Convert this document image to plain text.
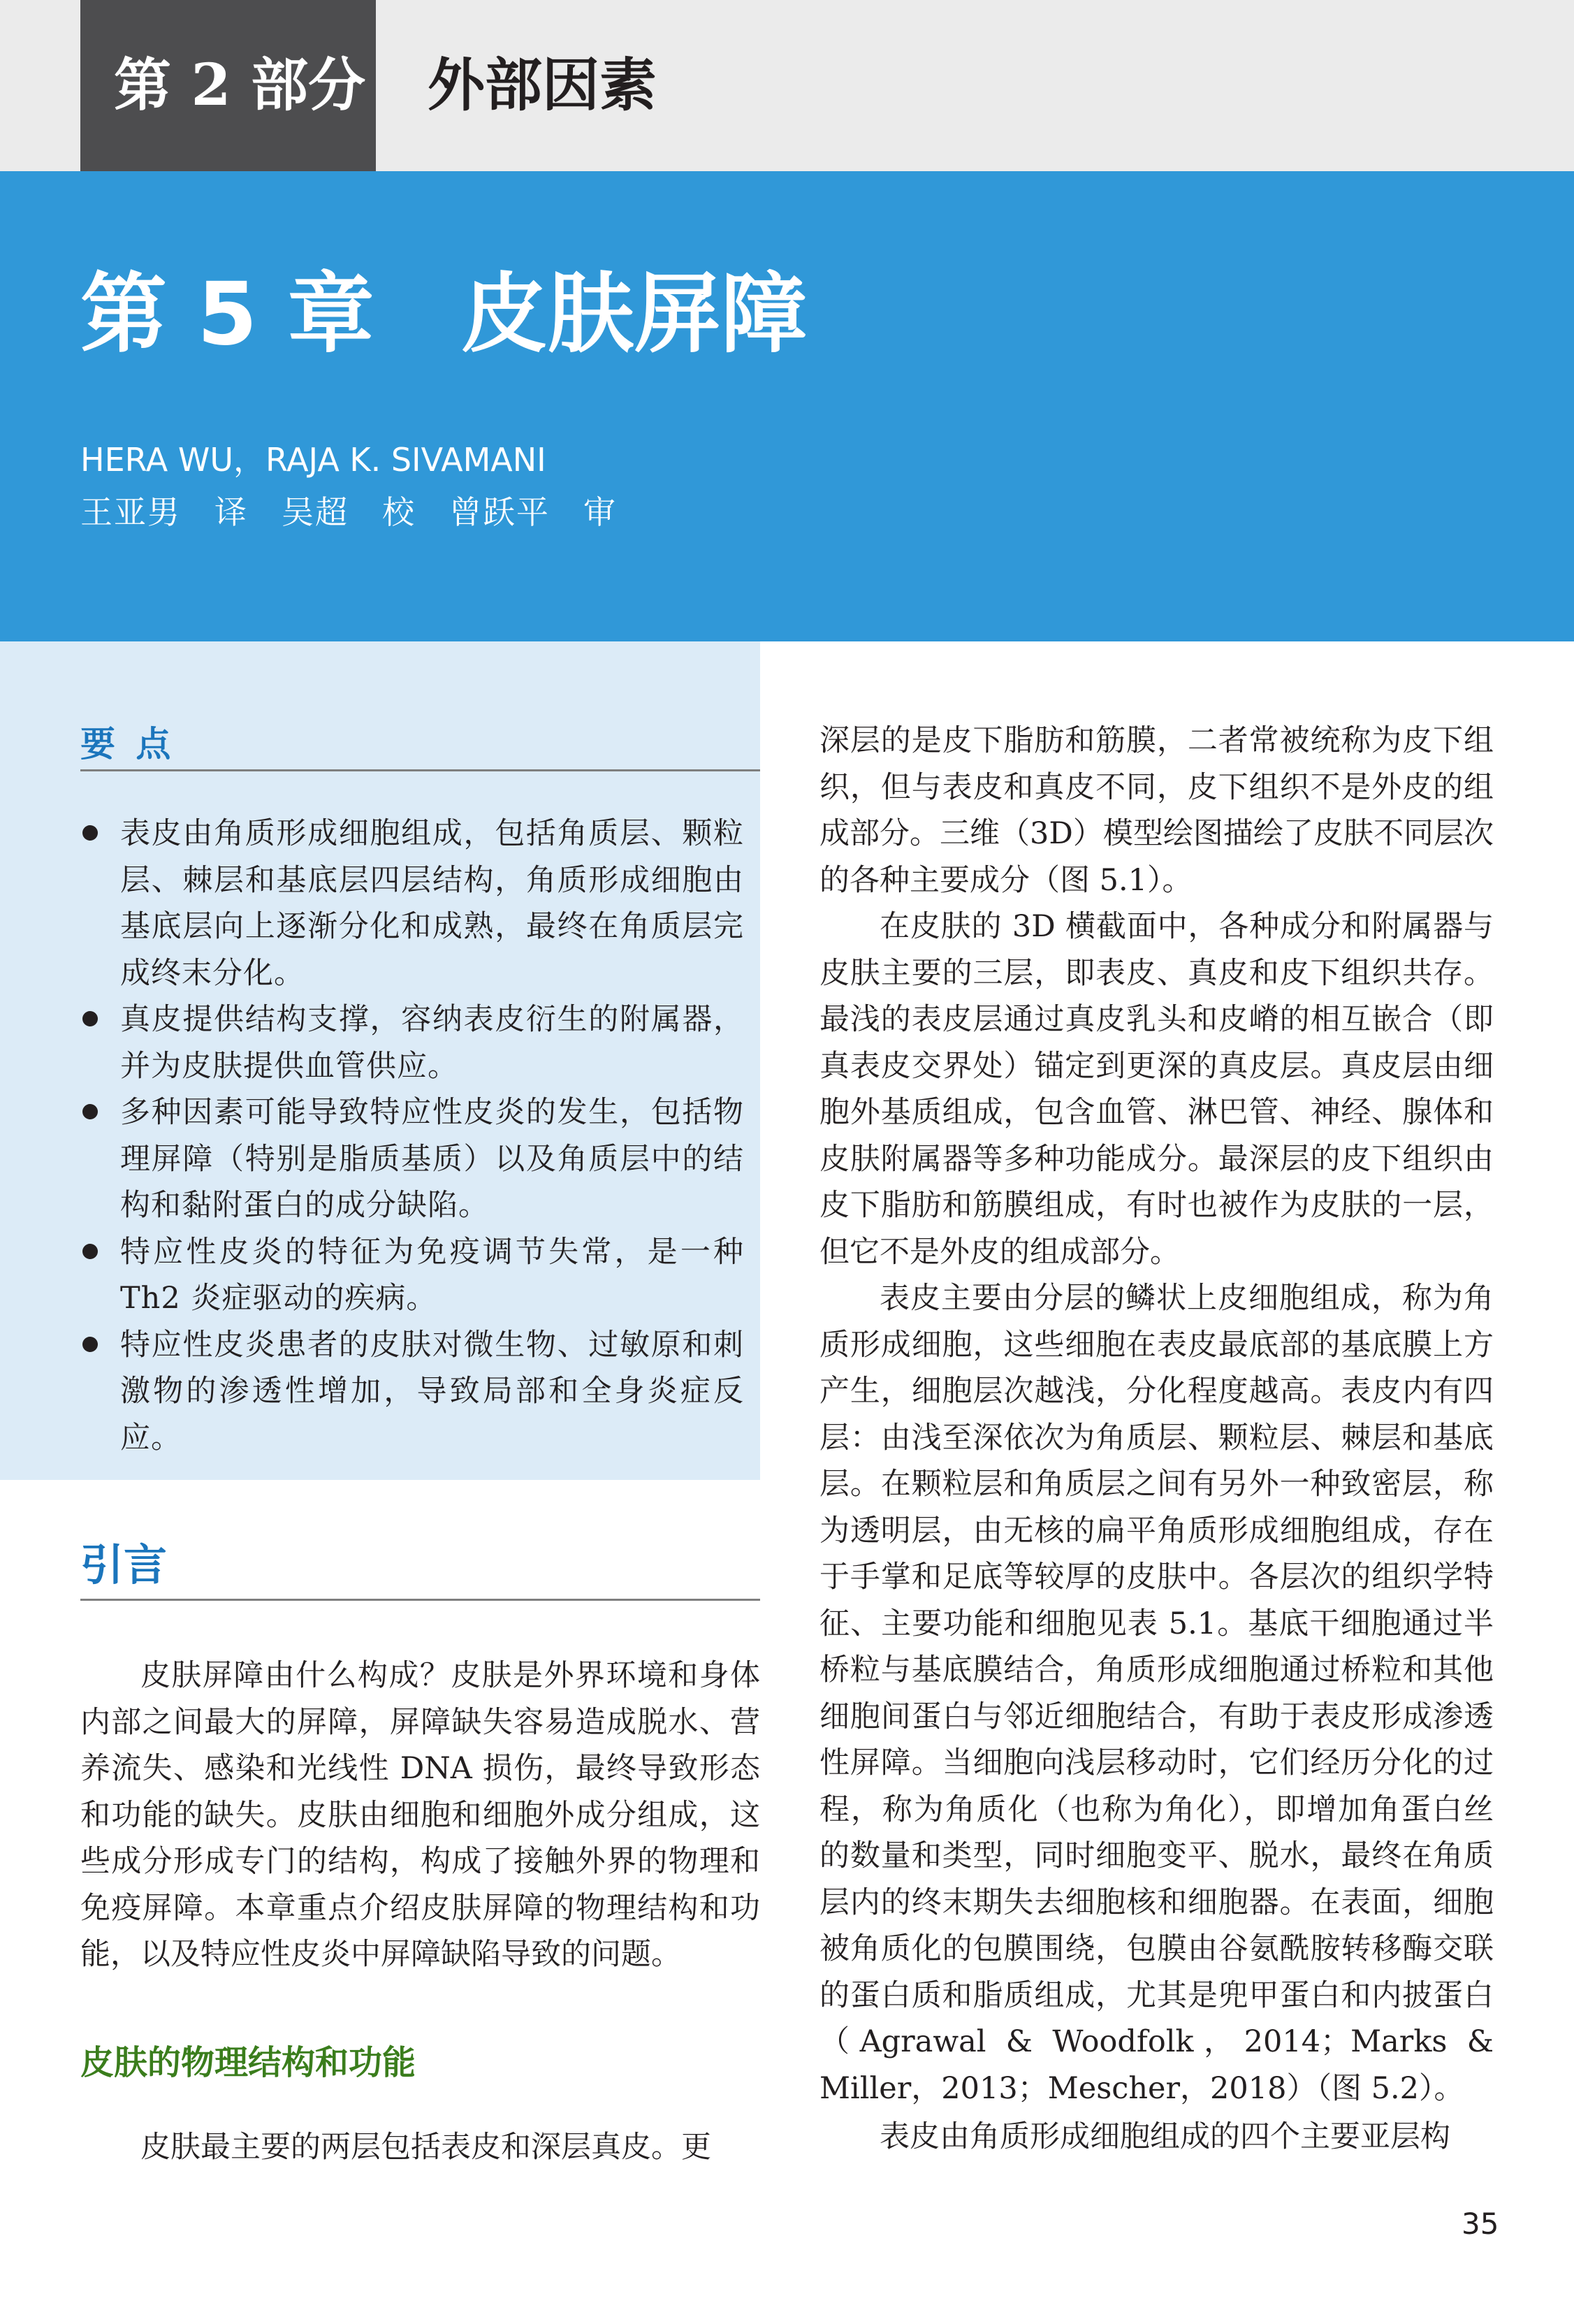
第 2 部分 外部因素
第 5 章　皮肤屏障
HERA WU，RAJA K. SIVAMANI
王亚男　译　吴超　校　曾跃平　审
要 点
表皮由角质形成细胞组成，包括角质层、颗粒层、棘层和基底层四层结构，角质形成细胞由基底层向上逐渐分化和成熟，最终在角质层完成终末分化。
真皮提供结构支撑，容纳表皮衍生的附属器，并为皮肤提供血管供应。
多种因素可能导致特应性皮炎的发生，包括物理屏障（特别是脂质基质）以及角质层中的结构和黏附蛋白的成分缺陷。
特应性皮炎的特征为免疫调节失常，是一种 Th2 炎症驱动的疾病。
特应性皮炎患者的皮肤对微生物、过敏原和刺激物的渗透性增加，导致局部和全身炎症反应。
引言

皮肤屏障由什么构成？皮肤是外界环境和身体内部之间最大的屏障，屏障缺失容易造成脱水、营养流失、感染和光线性 DNA 损伤，最终导致形态和功能的缺失。皮肤由细胞和细胞外成分组成，这些成分形成专门的结构，构成了接触外界的物理和免疫屏障。本章重点介绍皮肤屏障的物理结构和功能，以及特应性皮炎中屏障缺陷导致的问题。

皮肤的物理结构和功能

皮肤最主要的两层包括表皮和深层真皮。更

深层的是皮下脂肪和筋膜，二者常被统称为皮下组织，但与表皮和真皮不同，皮下组织不是外皮的组成部分。三维（3D）模型绘图描绘了皮肤不同层次的各种主要成分（图 5.1）。

在皮肤的 3D 横截面中，各种成分和附属器与皮肤主要的三层，即表皮、真皮和皮下组织共存。最浅的表皮层通过真皮乳头和皮嵴的相互嵌合（即真表皮交界处）锚定到更深的真皮层。真皮层由细胞外基质组成，包含血管、淋巴管、神经、腺体和皮肤附属器等多种功能成分。最深层的皮下组织由皮下脂肪和筋膜组成，有时也被作为皮肤的一层，但它不是外皮的组成部分。

表皮主要由分层的鳞状上皮细胞组成，称为角质形成细胞，这些细胞在表皮最底部的基底膜上方产生，细胞层次越浅，分化程度越高。表皮内有四层：由浅至深依次为角质层、颗粒层、棘层和基底层。在颗粒层和角质层之间有另外一种致密层，称为透明层，由无核的扁平角质形成细胞组成，存在于手掌和足底等较厚的皮肤中。各层次的组织学特征、主要功能和细胞见表 5.1。基底干细胞通过半桥粒与基底膜结合，角质形成细胞通过桥粒和其他细胞间蛋白与邻近细胞结合，有助于表皮形成渗透性屏障。当细胞向浅层移动时，它们经历分化的过程，称为角质化（也称为角化），即增加角蛋白丝的数量和类型，同时细胞变平、脱水，最终在角质层内的终末期失去细胞核和细胞器。在表面，细胞被角质化的包膜围绕，包膜由谷氨酰胺转移酶交联的蛋白质和脂质组成，尤其是兜甲蛋白和内披蛋白（Agrawal & Woodfolk，2014；Marks & Miller，2013；Mescher，2018）（图 5.2）。

表皮由角质形成细胞组成的四个主要亚层构

35
